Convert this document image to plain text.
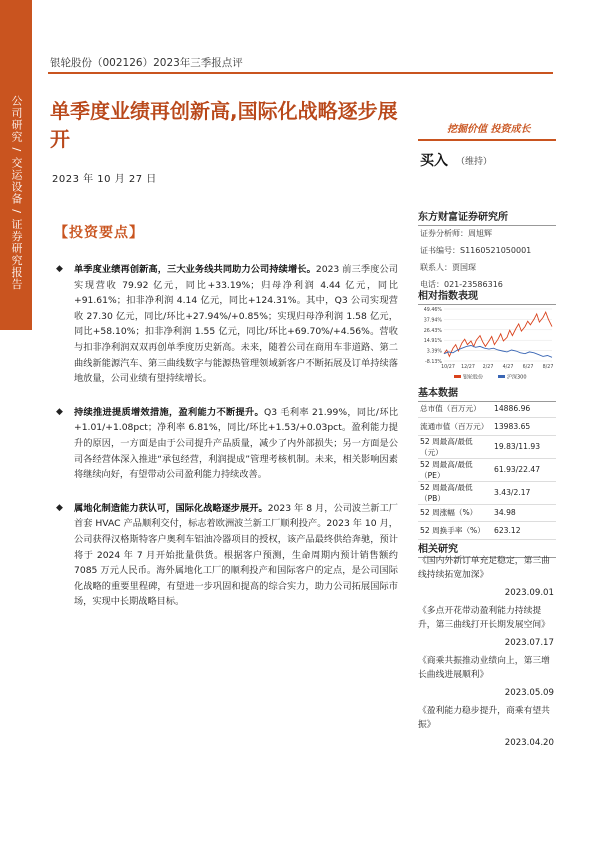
公司研究 / 交运设备 / 证券研究报告
银轮股份（002126）2023年三季报点评
单季度业绩再创新高,国际化战略逐步展开	挖掘价值 投资成长
2023 年 10 月 27 日
买入 （维持）
【投资要点】
◆ 单季度业绩再创新高，三大业务线共同助力公司持续增长。2023 前三季度公司实现营收 79.92 亿元，同比+33.19%；归母净利润 4.44 亿元，同比+91.61%；扣非净利润 4.14 亿元，同比+124.31%。其中，Q3 公司实现营收 27.30 亿元，同比/环比+27.94%/+0.85%；实现归母净利润 1.58 亿元，同比+58.10%；扣非净利润 1.55 亿元，同比/环比+69.70%/+4.56%。营收与扣非净利润双双再创单季度历史新高。未来，随着公司在商用车非道路、第二曲线新能源汽车、第三曲线数字与能源热管理领域新客户不断拓展及订单持续落地放量，公司业绩有望持续增长。
◆ 持续推进提质增效措施，盈利能力不断提升。Q3 毛利率 21.99%，同比/环比+1.01/+1.08pct；净利率 6.81%，同比/环比+1.53/+0.03pct。盈利能力提升的原因，一方面是由于公司提升产品质量，减少了内外部损失；另一方面是公司各经营体深入推进“承包经营，利润提成”管理考核机制。未来，相关影响因素将继续向好，有望带动公司盈利能力持续改善。
◆ 属地化制造能力获认可，国际化战略逐步展开。2023 年 8 月，公司波兰新工厂首套 HVAC 产品顺利交付，标志着欧洲波兰新工厂顺利投产。2023 年 10 月，公司获得汉格斯特客户奥利车铝油冷器项目的授权，该产品最终供给奔驰，预计将于 2024 年 7 月开始批量供货。根据客户预测，生命周期内预计销售额约 7085 万元人民币。海外属地化工厂的顺利投产和国际客户的定点，是公司国际化战略的重要里程碑，有望进一步巩固和提高的综合实力，助力公司拓展国际市场，实现中长期战略目标。
东方财富证券研究所
证券分析师：周旭辉
证书编号：S1160521050001
联系人：贾国琛
电话：021-23586316
相对指数表现
49.46%
37.94%
26.43%
14.91%
3.39%
-8.13%
10/27 12/27 2/27 4/27 6/27 8/27
银轮股份	沪深300
基本数据
总市值（百万元）	14886.96
流通市值（百万元）	13983.65
52 周最高/最低（元）	19.83/11.93
52 周最高/最低（PE）	61.93/22.47
52 周最高/最低（PB）	3.43/2.17
52 周涨幅（%）	34.98
52 周换手率（%）	623.12
相关研究
《国内外新订单充足稳定，第三曲线持续拓宽加深》
2023.09.01
《多点开花带动盈利能力持续提升，第三曲线打开长期发展空间》
2023.07.17
《商乘共振推动业绩向上，第三增长曲线进展顺利》
2023.05.09
《盈利能力稳步提升，商乘有望共振》
2023.04.20
